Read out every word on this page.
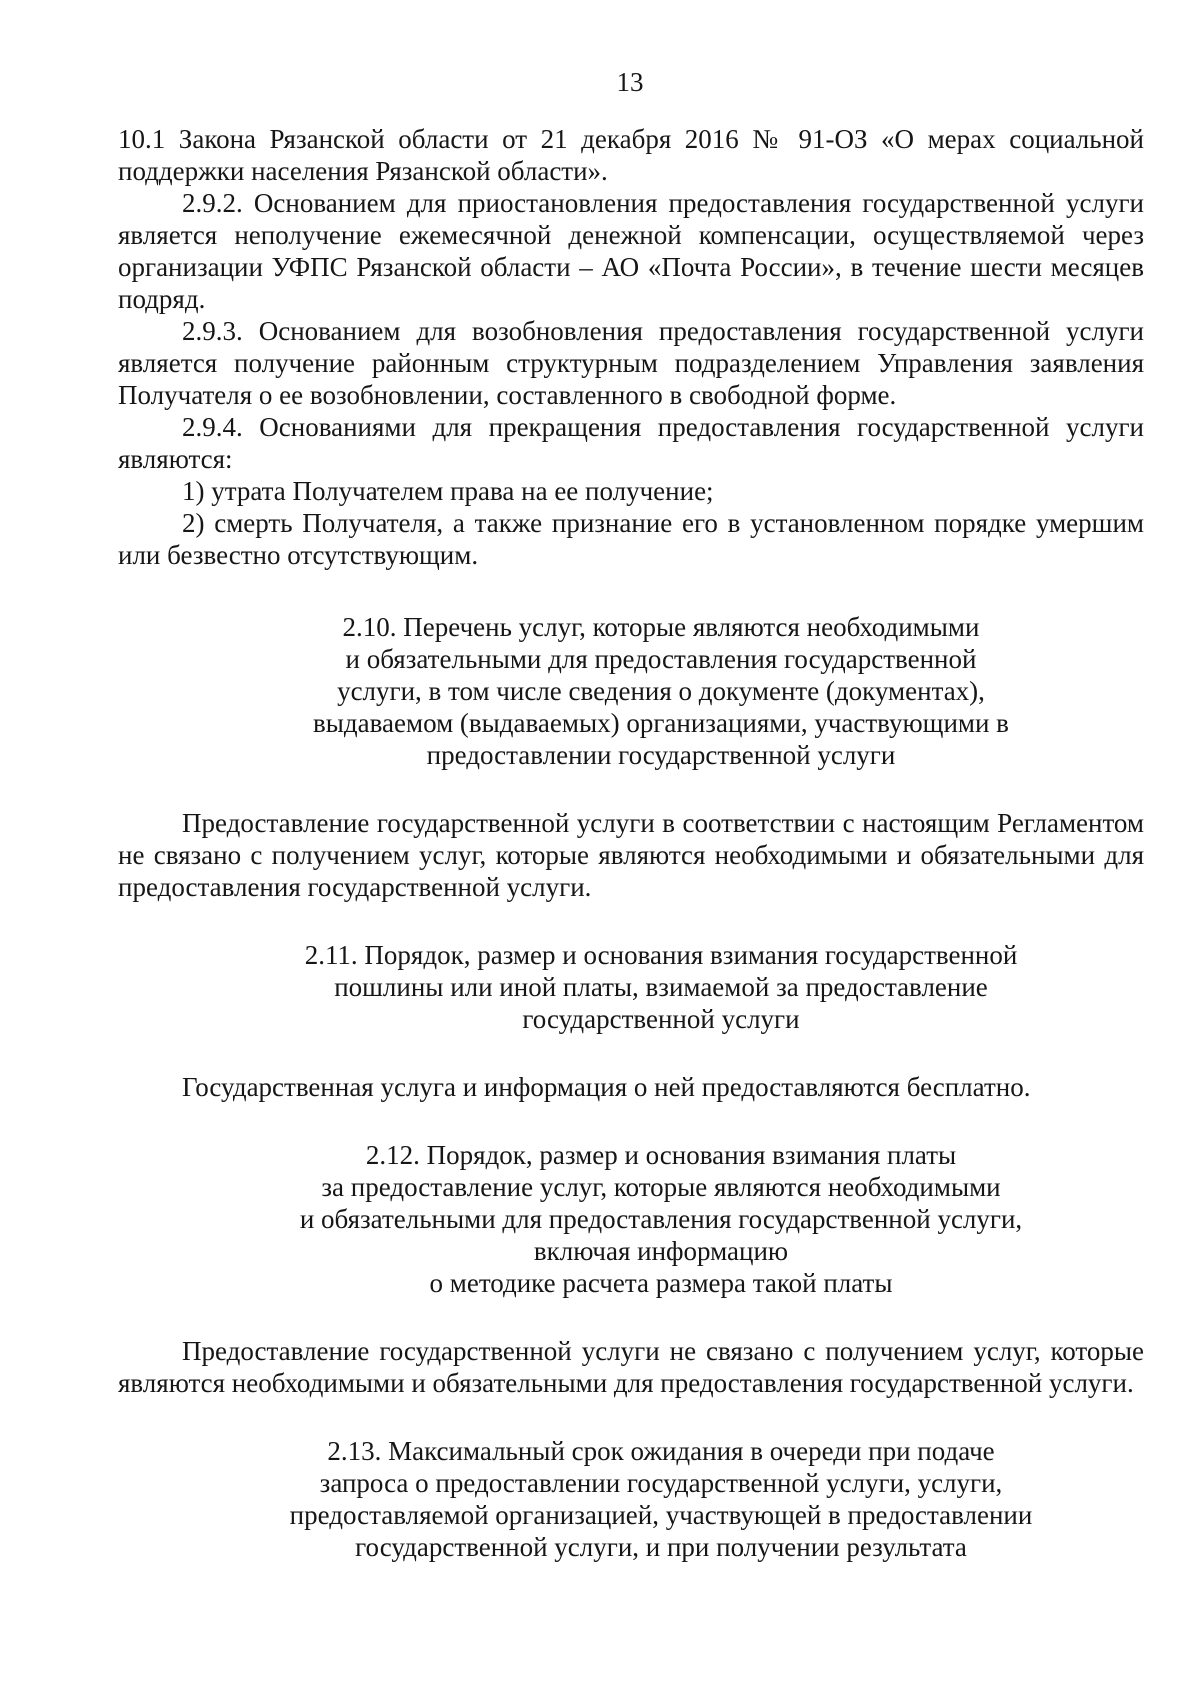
13

10.1 Закона Рязанской области от 21 декабря 2016 № 91-ОЗ «О мерах социальной поддержки населения Рязанской области».

2.9.2. Основанием для приостановления предоставления государственной услуги является неполучение ежемесячной денежной компенсации, осуществляемой через организации УФПС Рязанской области – АО «Почта России», в течение шести месяцев подряд.

2.9.3. Основанием для возобновления предоставления государственной услуги является получение районным структурным подразделением Управления заявления Получателя о ее возобновлении, составленного в свободной форме.

2.9.4. Основаниями для прекращения предоставления государственной услуги являются:

1) утрата Получателем права на ее получение;

2) смерть Получателя, а также признание его в установленном порядке умершим или безвестно отсутствующим.

2.10. Перечень услуг, которые являются необходимыми
и обязательными для предоставления государственной
услуги, в том числе сведения о документе (документах),
выдаваемом (выдаваемых) организациями, участвующими в
предоставлении государственной услуги

Предоставление государственной услуги в соответствии с настоящим Регламентом не связано с получением услуг, которые являются необходимыми и обязательными для предоставления государственной услуги.

2.11. Порядок, размер и основания взимания государственной
пошлины или иной платы, взимаемой за предоставление
государственной услуги

Государственная услуга и информация о ней предоставляются бесплатно.

2.12. Порядок, размер и основания взимания платы
за предоставление услуг, которые являются необходимыми
и обязательными для предоставления государственной услуги,
включая информацию
о методике расчета размера такой платы

Предоставление государственной услуги не связано с получением услуг, которые являются необходимыми и обязательными для предоставления государственной услуги.

2.13. Максимальный срок ожидания в очереди при подаче
запроса о предоставлении государственной услуги, услуги,
предоставляемой организацией, участвующей в предоставлении
государственной услуги, и при получении результата
